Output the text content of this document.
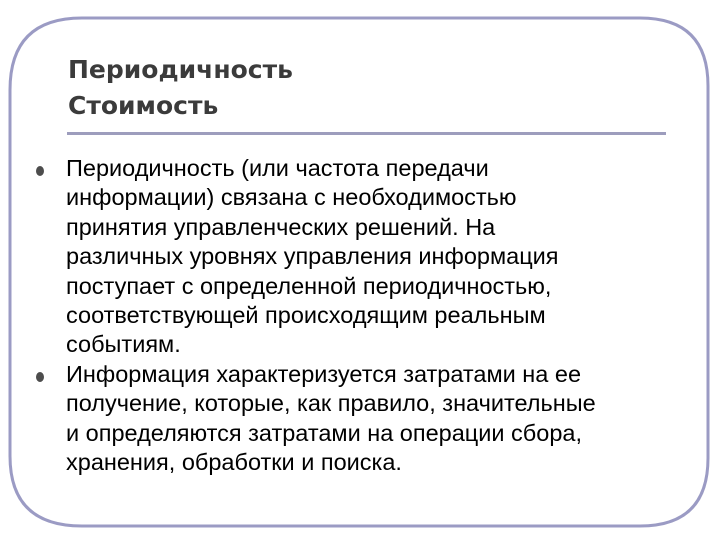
Периодичность
Стоимость
Периодичность (или частота передачи
информации) связана с необходимостью
принятия управленческих решений. На
различных уровнях управления информация
поступает с определенной периодичностью,
соответствующей происходящим реальным
событиям.
Информация характеризуется затратами на ее
получение, которые, как правило, значительные
и определяются затратами на операции сбора,
хранения, обработки и поиска.
